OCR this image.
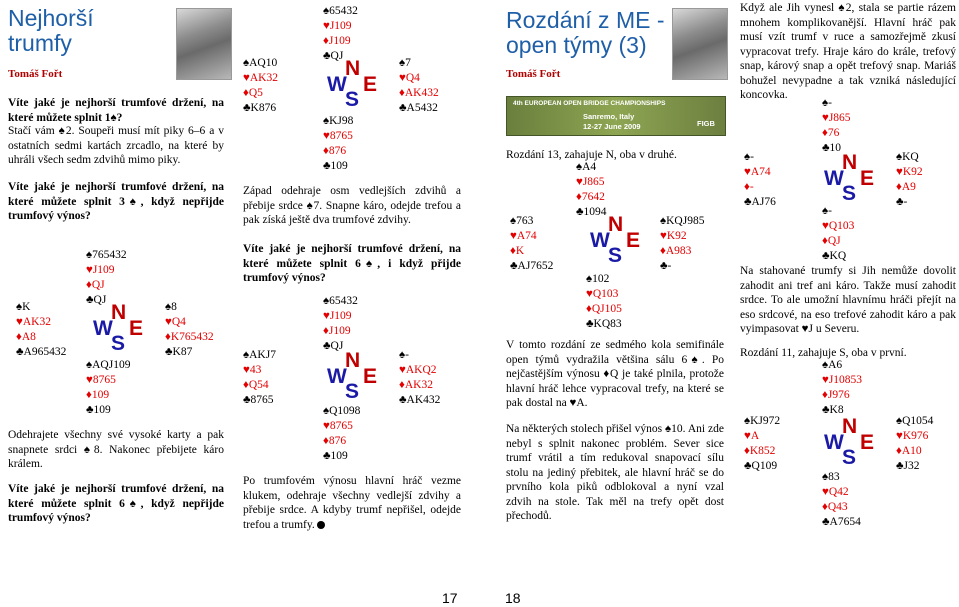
Nejhorší
trumfy
Tomáš Fořt
Víte jaké je nejhorší trumfové držení, na které můžete splnit 1♠?
Stačí vám ♠2. Soupeři musí mít piky 6–6 a v ostatních sedmi kartách zrcadlo, na které by uhráli všech sedm zdvihů mimo piky.
Víte jaké je nejhorší trumfové držení, na které můžete splnit 3♠, když nepřijde trumfový výnos?
♠765432
♥J109
♦QJ
♣QJ
♠K
♥AK32
♦A8
♣A965432
N
W E
S
♠8
♥Q4
♦K765432
♣K87
♠AQJ109
♥8765
♦109
♣109
Odehrajete všechny své vysoké karty a pak snapnete srdci ♠8. Nakonec přebijete káro králem.
Víte jaké je nejhorší trumfové držení, na které můžete splnit 6♠, když nepřijde trumfový výnos?
♠65432
♥J109
♦J109
♣QJ
♠AQ10
♥AK32
♦Q5
♣K876
N
W E
S
♠7
♥Q4
♦AK432
♣A5432
♠KJ98
♥8765
♦876
♣109
Západ odehraje osm vedlejších zdvihů a přebije srdce ♠7. Snapne káro, odejde trefou a pak získá ještě dva trumfové zdvihy.
Víte jaké je nejhorší trumfové držení, na které můžete splnit 6♠, i když přijde trumfový výnos?
♠65432
♥J109
♦J109
♣QJ
♠AKJ7
♥43
♦Q54
♣8765
N
W E
S
♠-
♥AKQ2
♦AK32
♣AK432
♠Q1098
♥8765
♦876
♣109
Po trumfovém výnosu hlavní hráč vezme klukem, odehraje všechny vedlejší zdvihy a přebije srdce. A kdyby trumf nepřišel, odejde trefou a trumfy.
Rozdání z ME -
open týmy (3)
Tomáš Fořt
4th EUROPEAN OPEN BRIDGE CHAMPIONSHIPS
Sanremo, Italy
12-27 June 2009	FIGB
Rozdání 13, zahajuje N, oba v druhé.
♠A4
♥J865
♦7642
♣1094
♠763
♥A74
♦K
♣AJ7652
N
W E
S
♠KQJ985
♥K92
♦A983
♣-
♠102
♥Q103
♦QJ105
♣KQ83
V tomto rozdání ze sedmého kola semifinále open týmů vydražila většina sálu 6♠. Po nejčastějším výnosu ♦Q je také plnila, protože hlavní hráč lehce vypracoval trefy, na které se pak dostal na ♥A.
Na některých stolech přišel výnos ♠10. Ani zde nebyl s splnit nakonec problém. Sever sice trumf vrátil a tím redukoval snapovací sílu stolu na jediný přebitek, ale hlavní hráč se do prvního kola piků odblokoval a nyní vzal zdvih na stole. Tak měl na trefy opět dost přechodů.
Když ale Jih vynesl ♠2, stala se partie rázem mnohem komplikovanější. Hlavní hráč pak musí vzít trumf v ruce a samozřejmě zkusí vypracovat trefy. Hraje káro do krále, trefový snap, kárový snap a opět trefový snap. Mariáš bohužel nevypadne a tak vzniká následující koncovka.
♠-
♥J865
♦76
♣10
♠-
♥A74
♦-
♣AJ76
N
W E
S
♠KQ
♥K92
♦A9
♣-
♠-
♥Q103
♦QJ
♣KQ
Na stahované trumfy si Jih nemůže dovolit zahodit ani tref ani káro. Takže musí zahodit srdce. To ale umožní hlavnímu hráči přejít na eso srdcové, na eso trefové zahodit káro a pak vyimpasovat ♥J u Severu.
Rozdání 11, zahajuje S, oba v první.
♠A6
♥J10853
♦J976
♣K8
♠KJ972
♥A
♦K852
♣Q109
N
W E
S
♠Q1054
♥K976
♦A10
♣J32
♠83
♥Q42
♦Q43
♣A7654
17	18
